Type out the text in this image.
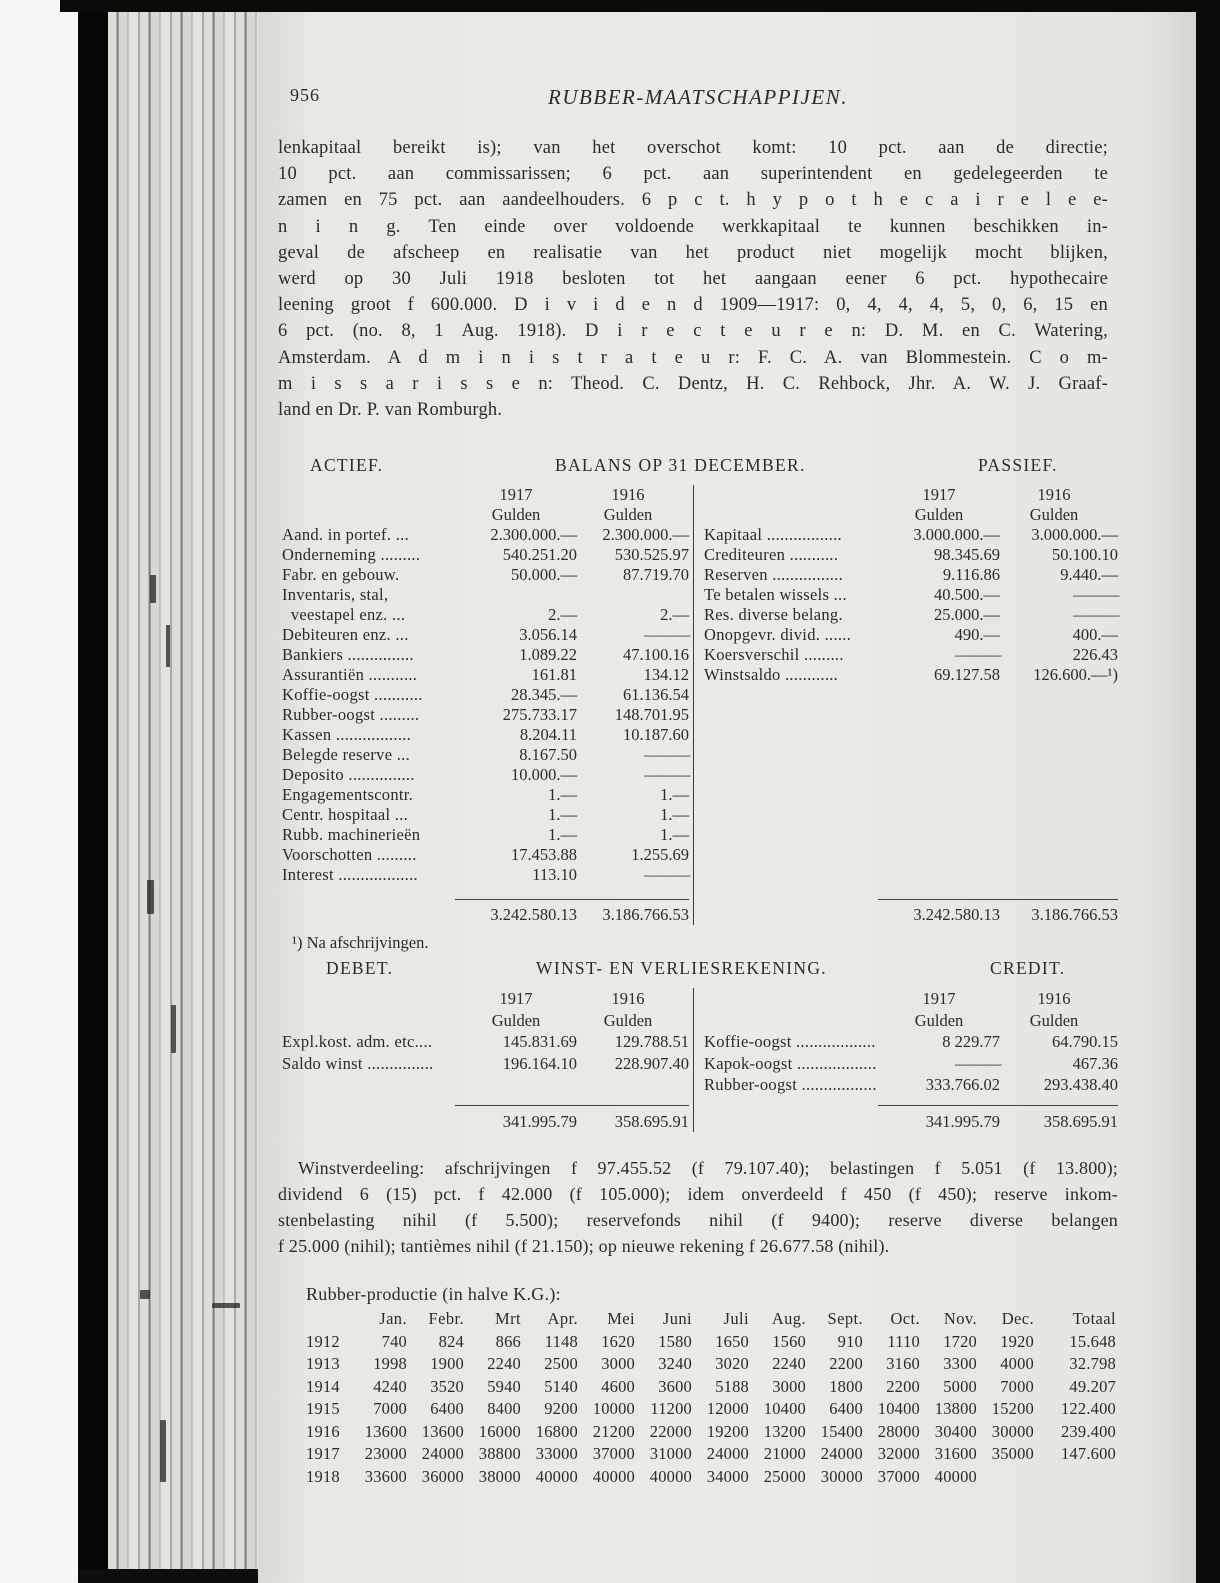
956	RUBBER-MAATSCHAPPIJEN.
lenkapitaal bereikt is); van het overschot komt: 10 pct. aan de directie;
10 pct. aan commissarissen; 6 pct. aan superintendent en gedelegeerden te
zamen en 75 pct. aan aandeelhouders. 6 p c t. h y p o t h e c a i r e l e e-
n i n g. Ten einde over voldoende werkkapitaal te kunnen beschikken in-
geval de afscheep en realisatie van het product niet mogelijk mocht blijken,
werd op 30 Juli 1918 besloten tot het aangaan eener 6 pct. hypothecaire
leening groot f 600.000. D i v i d e n d 1909—1917: 0, 4, 4, 4, 5, 0, 6, 15 en
6 pct. (no. 8, 1 Aug. 1918). D i r e c t e u r e n: D. M. en C. Watering,
Amsterdam. A d m i n i s t r a t e u r: F. C. A. van Blommestein. C o m-
m i s s a r i s s e n: Theod. C. Dentz, H. C. Rehbock, Jhr. A. W. J. Graaf-
land en Dr. P. van Romburgh.
ACTIEF.	BALANS OP 31 DECEMBER.	PASSIEF.
1917	1916
Gulden	Gulden
Aand. in portef. ...	2.300.000.—	2.300.000.—
Onderneming .........	540.251.20	530.525.97
Fabr. en gebouw.	50.000.—	87.719.70
Inventaris, stal,
veestapel enz. ...	2.—	2.—
Debiteuren enz. ...	3.056.14	———
Bankiers ...............	1.089.22	47.100.16
Assurantiën ...........	161.81	134.12
Koffie-oogst ...........	28.345.—	61.136.54
Rubber-oogst .........	275.733.17	148.701.95
Kassen .................	8.204.11	10.187.60
Belegde reserve ...	8.167.50	———
Deposito ...............	10.000.—	———
Engagementscontr.	1.—	1.—
Centr. hospitaal ...	1.—	1.—
Rubb. machinerieën	1.—	1.—
Voorschotten .........	17.453.88	1.255.69
Interest ..................	113.10	———
3.242.580.13	3.186.766.53
1917	1916
Gulden	Gulden
Kapitaal .................	3.000.000.—	3.000.000.—
Crediteuren ...........	98.345.69	50.100.10
Reserven ................	9.116.86	9.440.—
Te betalen wissels ...	40.500.—	———
Res. diverse belang.	25.000.—	———
Onopgevr. divid. ......	490.—	400.—
Koersverschil .........	———	226.43
Winstsaldo ............	69.127.58	126.600.—¹)
3.242.580.13	3.186.766.53
¹) Na afschrijvingen.
DEBET.	WINST- EN VERLIESREKENING.	CREDIT.
1917	1916
Gulden	Gulden
Expl.kost. adm. etc....	145.831.69	129.788.51
Saldo winst ...............	196.164.10	228.907.40
341.995.79	358.695.91
1917	1916
Gulden	Gulden
Koffie-oogst ..................	8 229.77	64.790.15
Kapok-oogst ..................	———	467.36
Rubber-oogst .................	333.766.02	293.438.40
341.995.79	358.695.91
Winstverdeeling: afschrijvingen f 97.455.52 (f 79.107.40); belastingen f 5.051 (f 13.800);
dividend 6 (15) pct. f 42.000 (f 105.000); idem onverdeeld f 450 (f 450); reserve inkom-
stenbelasting nihil (f 5.500); reservefonds nihil (f 9400); reserve diverse belangen
f 25.000 (nihil); tantièmes nihil (f 21.150); op nieuwe rekening f 26.677.58 (nihil).
Rubber-productie (in halve K.G.):
Jan.	Febr.	Mrt	Apr.	Mei	Juni	Juli	Aug.	Sept.	Oct.	Nov.	Dec.	Totaal
1912	740	824	866	1148	1620	1580	1650	1560	910	1110	1720	1920	15.648
1913	1998	1900	2240	2500	3000	3240	3020	2240	2200	3160	3300	4000	32.798
1914	4240	3520	5940	5140	4600	3600	5188	3000	1800	2200	5000	7000	49.207
1915	7000	6400	8400	9200 10000 11200 12000 10400	6400 10400 13800 15200	122.400
1916	13600 13600 16000 16800 21200 22000 19200 13200 15400 28000 30400 30000	239.400
1917	23000 24000 38800 33000 37000 31000 24000 21000 24000 32000 31600 35000	147.600
1918	33600 36000 38000 40000 40000 40000 34000 25000 30000 37000 40000
